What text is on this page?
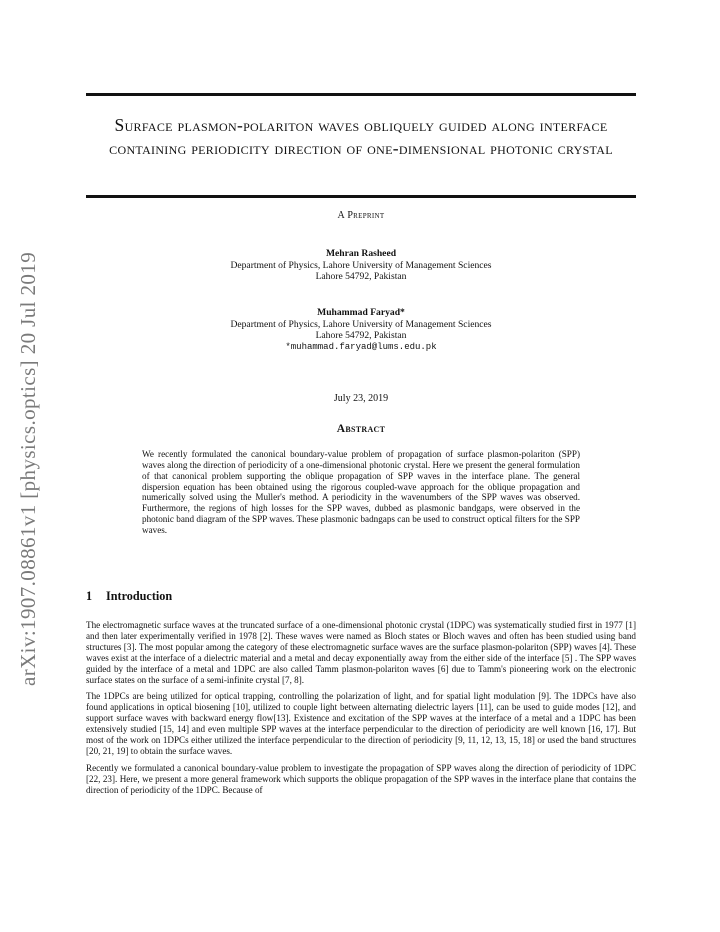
arXiv:1907.08861v1 [physics.optics] 20 Jul 2019
Surface plasmon-polariton waves obliquely guided along interface containing periodicity direction of one-dimensional photonic crystal
A Preprint
Mehran Rasheed
Department of Physics, Lahore University of Management Sciences
Lahore 54792, Pakistan
Muhammad Faryad*
Department of Physics, Lahore University of Management Sciences
Lahore 54792, Pakistan
*muhammad.faryad@lums.edu.pk
July 23, 2019
Abstract

We recently formulated the canonical boundary-value problem of propagation of surface plasmon-polariton (SPP) waves along the direction of periodicity of a one-dimensional photonic crystal. Here we present the general formulation of that canonical problem supporting the oblique propagation of SPP waves in the interface plane. The general dispersion equation has been obtained using the rigorous coupled-wave approach for the oblique propagation and numerically solved using the Muller's method. A periodicity in the wavenumbers of the SPP waves was observed. Furthermore, the regions of high losses for the SPP waves, dubbed as plasmonic bandgaps, were observed in the photonic band diagram of the SPP waves. These plasmonic badngaps can be used to construct optical filters for the SPP waves.

1 Introduction

The electromagnetic surface waves at the truncated surface of a one-dimensional photonic crystal (1DPC) was systematically studied first in 1977 [1] and then later experimentally verified in 1978 [2]. These waves were named as Bloch states or Bloch waves and often has been studied using band structures [3]. The most popular among the category of these electromagnetic surface waves are the surface plasmon-polariton (SPP) waves [4]. These waves exist at the interface of a dielectric material and a metal and decay exponentially away from the either side of the interface [5] . The SPP waves guided by the interface of a metal and 1DPC are also called Tamm plasmon-polariton waves [6] due to Tamm's pioneering work on the electronic surface states on the surface of a semi-infinite crystal [7, 8].

The 1DPCs are being utilized for optical trapping, controlling the polarization of light, and for spatial light modulation [9]. The 1DPCs have also found applications in optical biosening [10], utilized to couple light between alternating dielectric layers [11], can be used to guide modes [12], and support surface waves with backward energy flow[13]. Existence and excitation of the SPP waves at the interface of a metal and a 1DPC has been extensively studied [15, 14] and even multiple SPP waves at the interface perpendicular to the direction of periodicity are well known [16, 17]. But most of the work on 1DPCs either utilized the interface perpendicular to the direction of periodicity [9, 11, 12, 13, 15, 18] or used the band structures [20, 21, 19] to obtain the surface waves.

Recently we formulated a canonical boundary-value problem to investigate the propagation of SPP waves along the direction of periodicity of 1DPC [22, 23]. Here, we present a more general framework which supports the oblique propagation of the SPP waves in the interface plane that contains the direction of periodicity of the 1DPC. Because of
